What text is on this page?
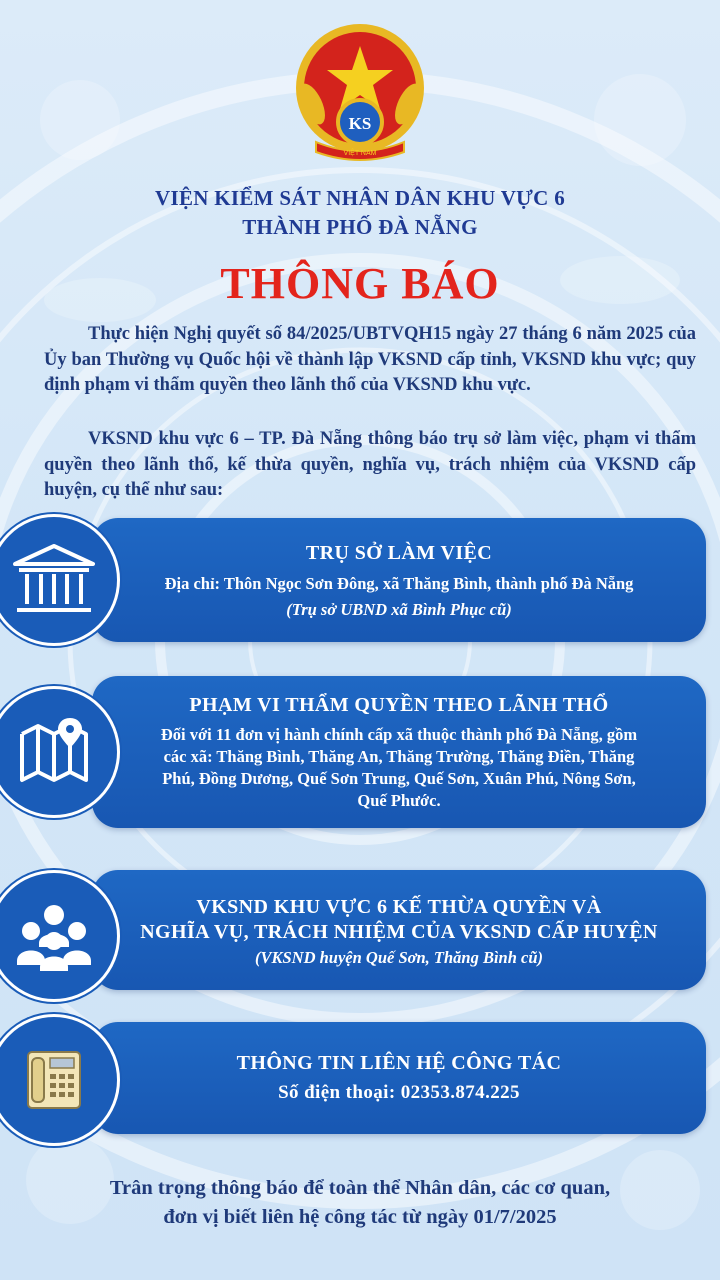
KS
VIỆT NAM
VIỆN KIỂM SÁT NHÂN DÂN KHU VỰC 6
THÀNH PHỐ ĐÀ NẴNG
THÔNG BÁO

Thực hiện Nghị quyết số 84/2025/UBTVQH15 ngày 27 tháng 6 năm 2025 của Ủy ban Thường vụ Quốc hội về thành lập VKSND cấp tỉnh, VKSND khu vực; quy định phạm vi thẩm quyền theo lãnh thổ của VKSND khu vực.

VKSND khu vực 6 – TP. Đà Nẵng thông báo trụ sở làm việc, phạm vi thẩm quyền theo lãnh thổ, kế thừa quyền, nghĩa vụ, trách nhiệm của VKSND cấp huyện, cụ thể như sau:

TRỤ SỞ LÀM VIỆC
Địa chỉ: Thôn Ngọc Sơn Đông, xã Thăng Bình, thành phố Đà Nẵng
(Trụ sở UBND xã Bình Phục cũ)
PHẠM VI THẨM QUYỀN THEO LÃNH THỔ
Đối với 11 đơn vị hành chính cấp xã thuộc thành phố Đà Nẵng, gồm
các xã: Thăng Bình, Thăng An, Thăng Trường, Thăng Điền, Thăng
Phú, Đồng Dương, Quế Sơn Trung, Quế Sơn, Xuân Phú, Nông Sơn,
Quế Phước.
VKSND KHU VỰC 6 KẾ THỪA QUYỀN VÀ
NGHĨA VỤ, TRÁCH NHIỆM CỦA VKSND CẤP HUYỆN
(VKSND huyện Quế Sơn, Thăng Bình cũ)
THÔNG TIN LIÊN HỆ CÔNG TÁC
Số điện thoại: 02353.874.225
Trân trọng thông báo để toàn thể Nhân dân, các cơ quan,
đơn vị biết liên hệ công tác từ ngày 01/7/2025
